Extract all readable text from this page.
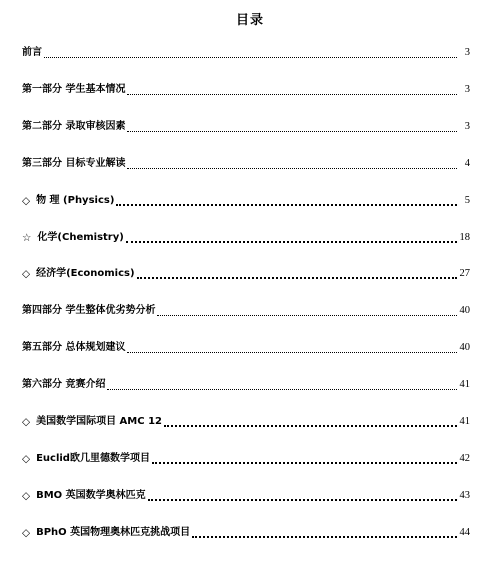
目录
前言	3
第一部分 学生基本情况	3
第二部分 录取审核因素	3
第三部分 目标专业解读	4
◇ 物 理 (Physics)	5
☆ 化学(Chemistry)	18
◇ 经济学(Economics)	27
第四部分 学生整体优劣势分析	40
第五部分 总体规划建议	40
第六部分 竞赛介绍	41
◇ 美国数学国际项目 AMC 12	41
◇ Euclid欧几里德数学项目	42
◇ BMO 英国数学奥林匹克	43
◇ BPhO 英国物理奥林匹克挑战项目	44
